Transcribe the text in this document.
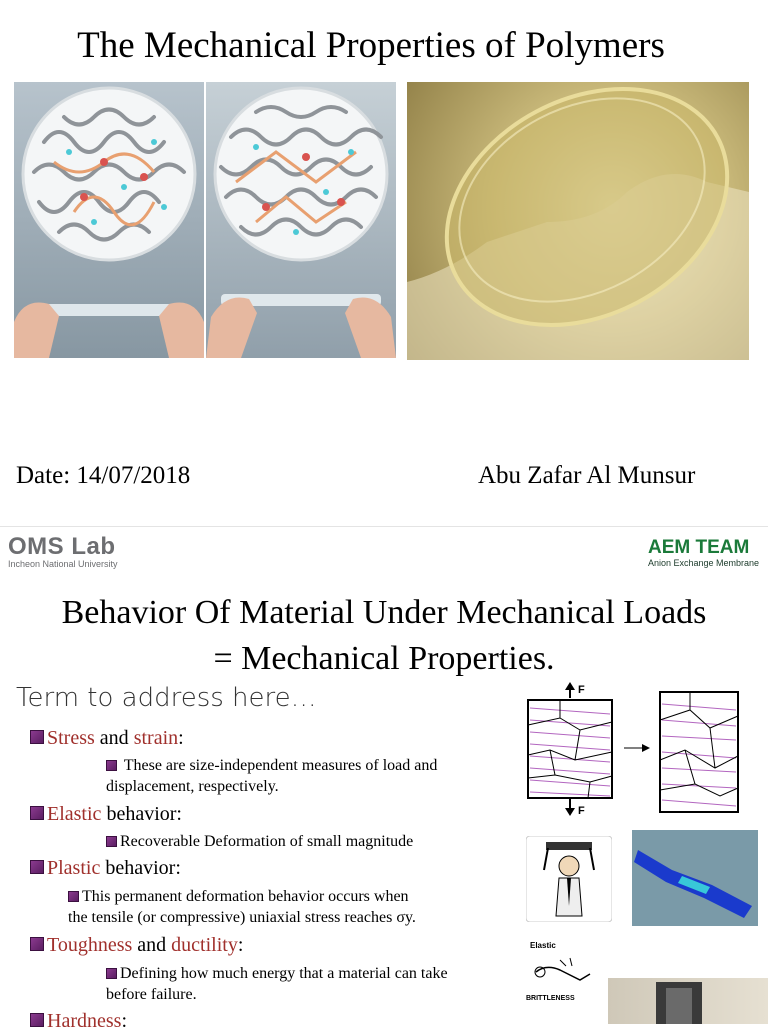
The Mechanical Properties of Polymers
Date: 14/07/2018	Abu Zafar Al Munsur
OMS Lab
Incheon National University
AEM TEAM
Anion Exchange Membrane
Behavior Of Material Under Mechanical Loads
= Mechanical Properties.
Term to address here…
Stress and strain:
These are size-independent measures of load and displacement, respectively.
Elastic behavior:
Recoverable Deformation of small magnitude
Plastic behavior:
This permanent deformation behavior occurs when
the tensile (or compressive) uniaxial stress reaches σy.
Toughness and ductility:
Defining how much energy that a material can take before failure.
Hardness:
F
F
Elastic
BRITTLENESS
